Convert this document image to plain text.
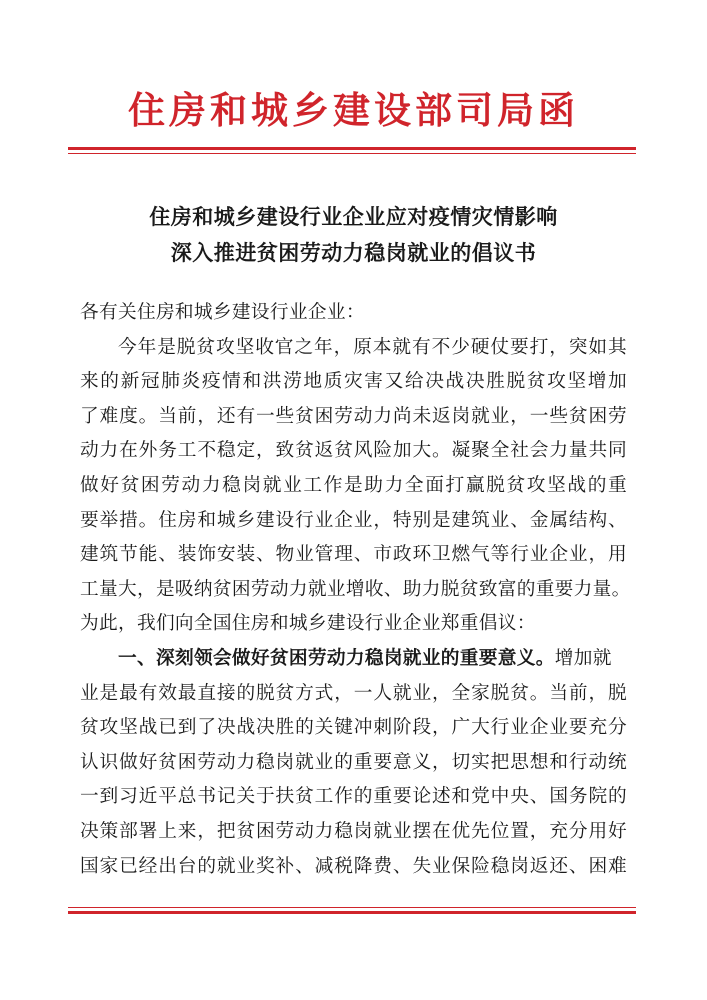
住房和城乡建设部司局函
住房和城乡建设行业企业应对疫情灾情影响
深入推进贫困劳动力稳岗就业的倡议书
各有关住房和城乡建设行业企业：
今年是脱贫攻坚收官之年，原本就有不少硬仗要打，突如其
来的新冠肺炎疫情和洪涝地质灾害又给决战决胜脱贫攻坚增加
了难度。当前，还有一些贫困劳动力尚未返岗就业，一些贫困劳
动力在外务工不稳定，致贫返贫风险加大。凝聚全社会力量共同
做好贫困劳动力稳岗就业工作是助力全面打赢脱贫攻坚战的重
要举措。住房和城乡建设行业企业，特别是建筑业、金属结构、
建筑节能、装饰安装、物业管理、市政环卫燃气等行业企业，用
工量大，是吸纳贫困劳动力就业增收、助力脱贫致富的重要力量。
为此，我们向全国住房和城乡建设行业企业郑重倡议：
一、深刻领会做好贫困劳动力稳岗就业的重要意义。增加就
业是最有效最直接的脱贫方式，一人就业，全家脱贫。当前，脱
贫攻坚战已到了决战决胜的关键冲刺阶段，广大行业企业要充分
认识做好贫困劳动力稳岗就业的重要意义，切实把思想和行动统
一到习近平总书记关于扶贫工作的重要论述和党中央、国务院的
决策部署上来，把贫困劳动力稳岗就业摆在优先位置，充分用好
国家已经出台的就业奖补、减税降费、失业保险稳岗返还、困难
